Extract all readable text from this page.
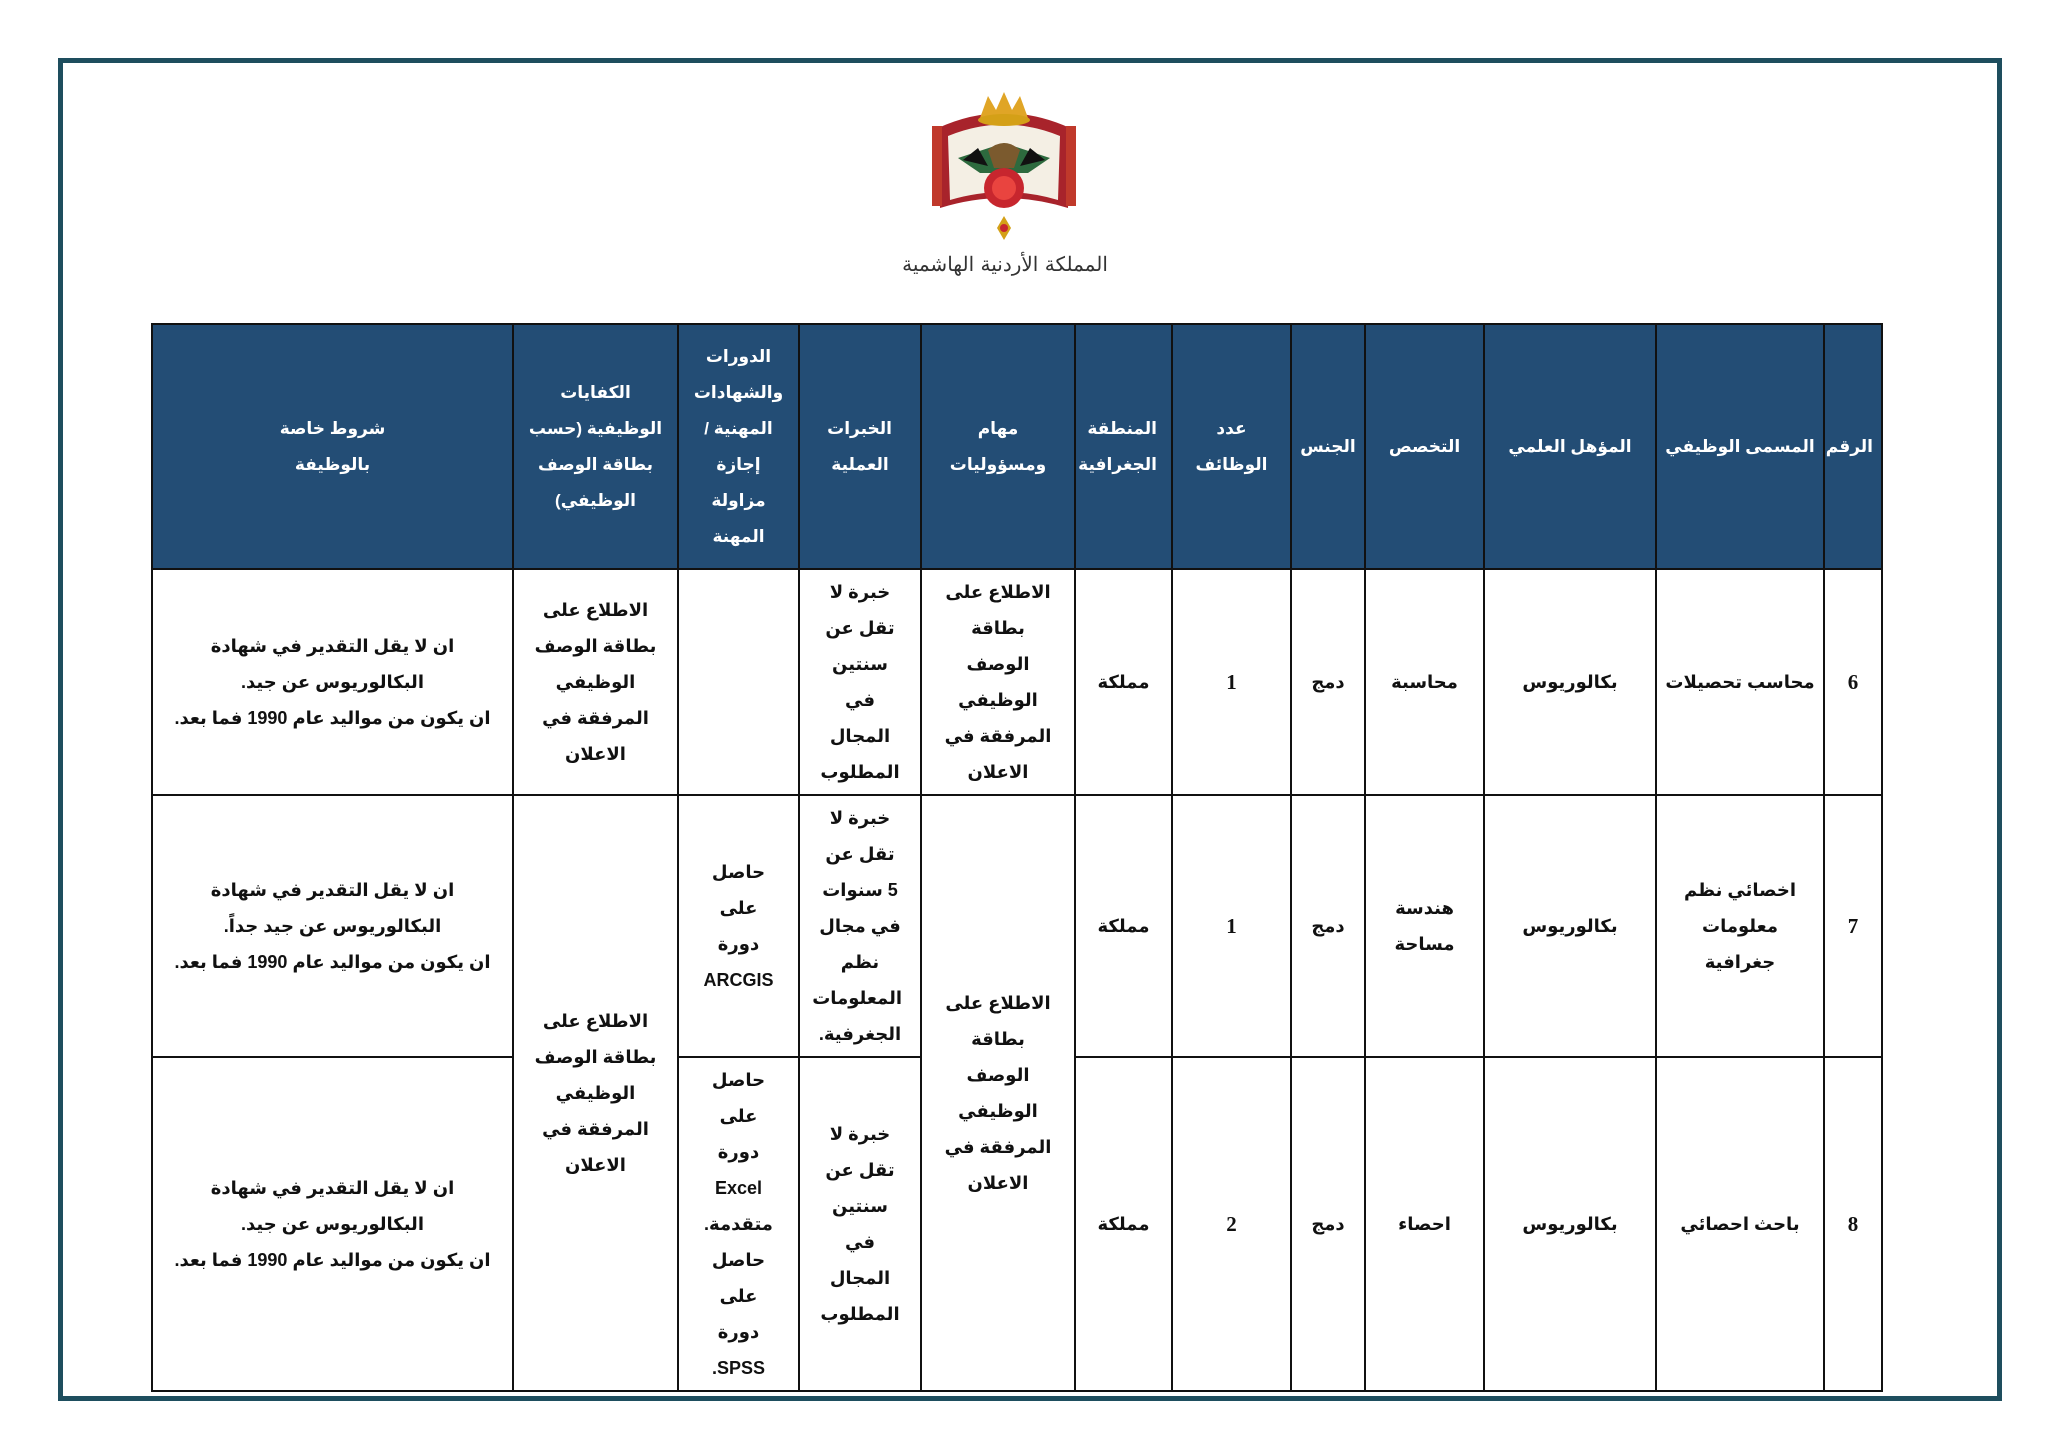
المملكة الأردنية الهاشمية
الرقم	المسمى الوظيفي	المؤهل العلمي	التخصص	الجنس	عدد الوظائف	المنطقة الجغرافية	مهام ومسؤوليات	الخبرات العملية	الدورات والشهادات المهنية /إجازة مزاولة المهنة	الكفايات الوظيفية (حسب بطاقة الوصف الوظيفي)	شروط خاصة بالوظيفة
6	محاسب تحصيلات	بكالوريوس	محاسبة	دمج	1	مملكة	الاطلاع على بطاقة الوصف الوظيفي المرفقة في الاعلان	خبرة لا تقل عن سنتين في المجال المطلوب		الاطلاع على بطاقة الوصف الوظيفي المرفقة في الاعلان	ان لا يقل التقدير في شهادة البكالوريوس عن جيد.
ان يكون من مواليد عام 1990 فما بعد.

7	اخصائي نظم معلومات جغرافية	بكالوريوس	هندسة مساحة	دمج	1	مملكة	الاطلاع على بطاقة الوصف الوظيفي المرفقة في الاعلان	خبرة لا تقل عن 5 سنوات في مجال نظم المعلومات الجغرفية.	حاصل على دورة ARCGIS	الاطلاع على بطاقة الوصف الوظيفي المرفقة في الاعلان	ان لا يقل التقدير في شهادة البكالوريوس عن جيد جداً.
ان يكون من مواليد عام 1990 فما بعد.

8	باحث احصائي	بكالوريوس	احصاء	دمج	2	مملكة		خبرة لا تقل عن سنتين في المجال المطلوب	حاصل على دورة Excel متقدمة. حاصل على دورة SPSS.		ان لا يقل التقدير في شهادة البكالوريوس عن جيد.
ان يكون من مواليد عام 1990 فما بعد.
